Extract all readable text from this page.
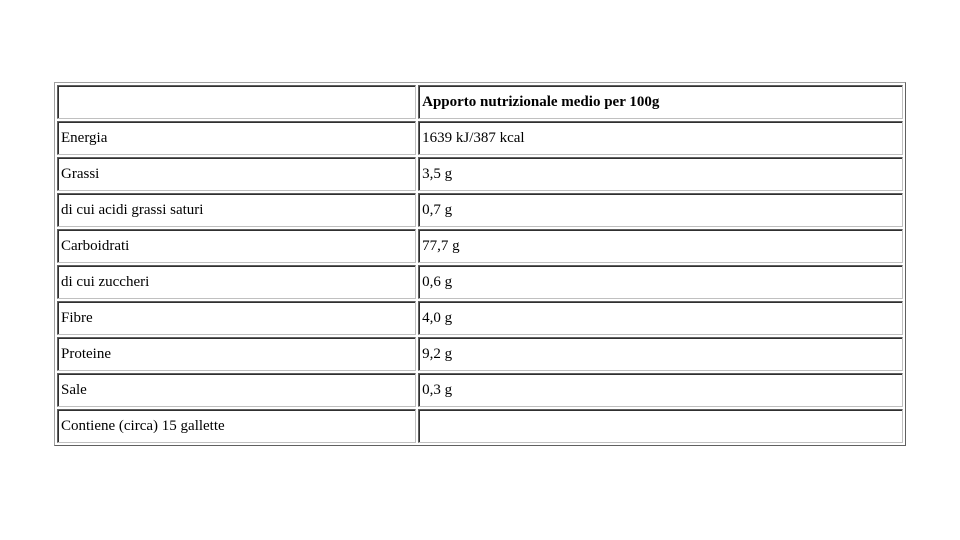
	Apporto nutrizionale medio per 100g
Energia	1639 kJ/387 kcal
Grassi	3,5 g
di cui acidi grassi saturi	0,7 g
Carboidrati	77,7 g
di cui zuccheri	0,6 g
Fibre	4,0 g
Proteine	9,2 g
Sale	0,3 g
Contiene (circa) 15 gallette	
